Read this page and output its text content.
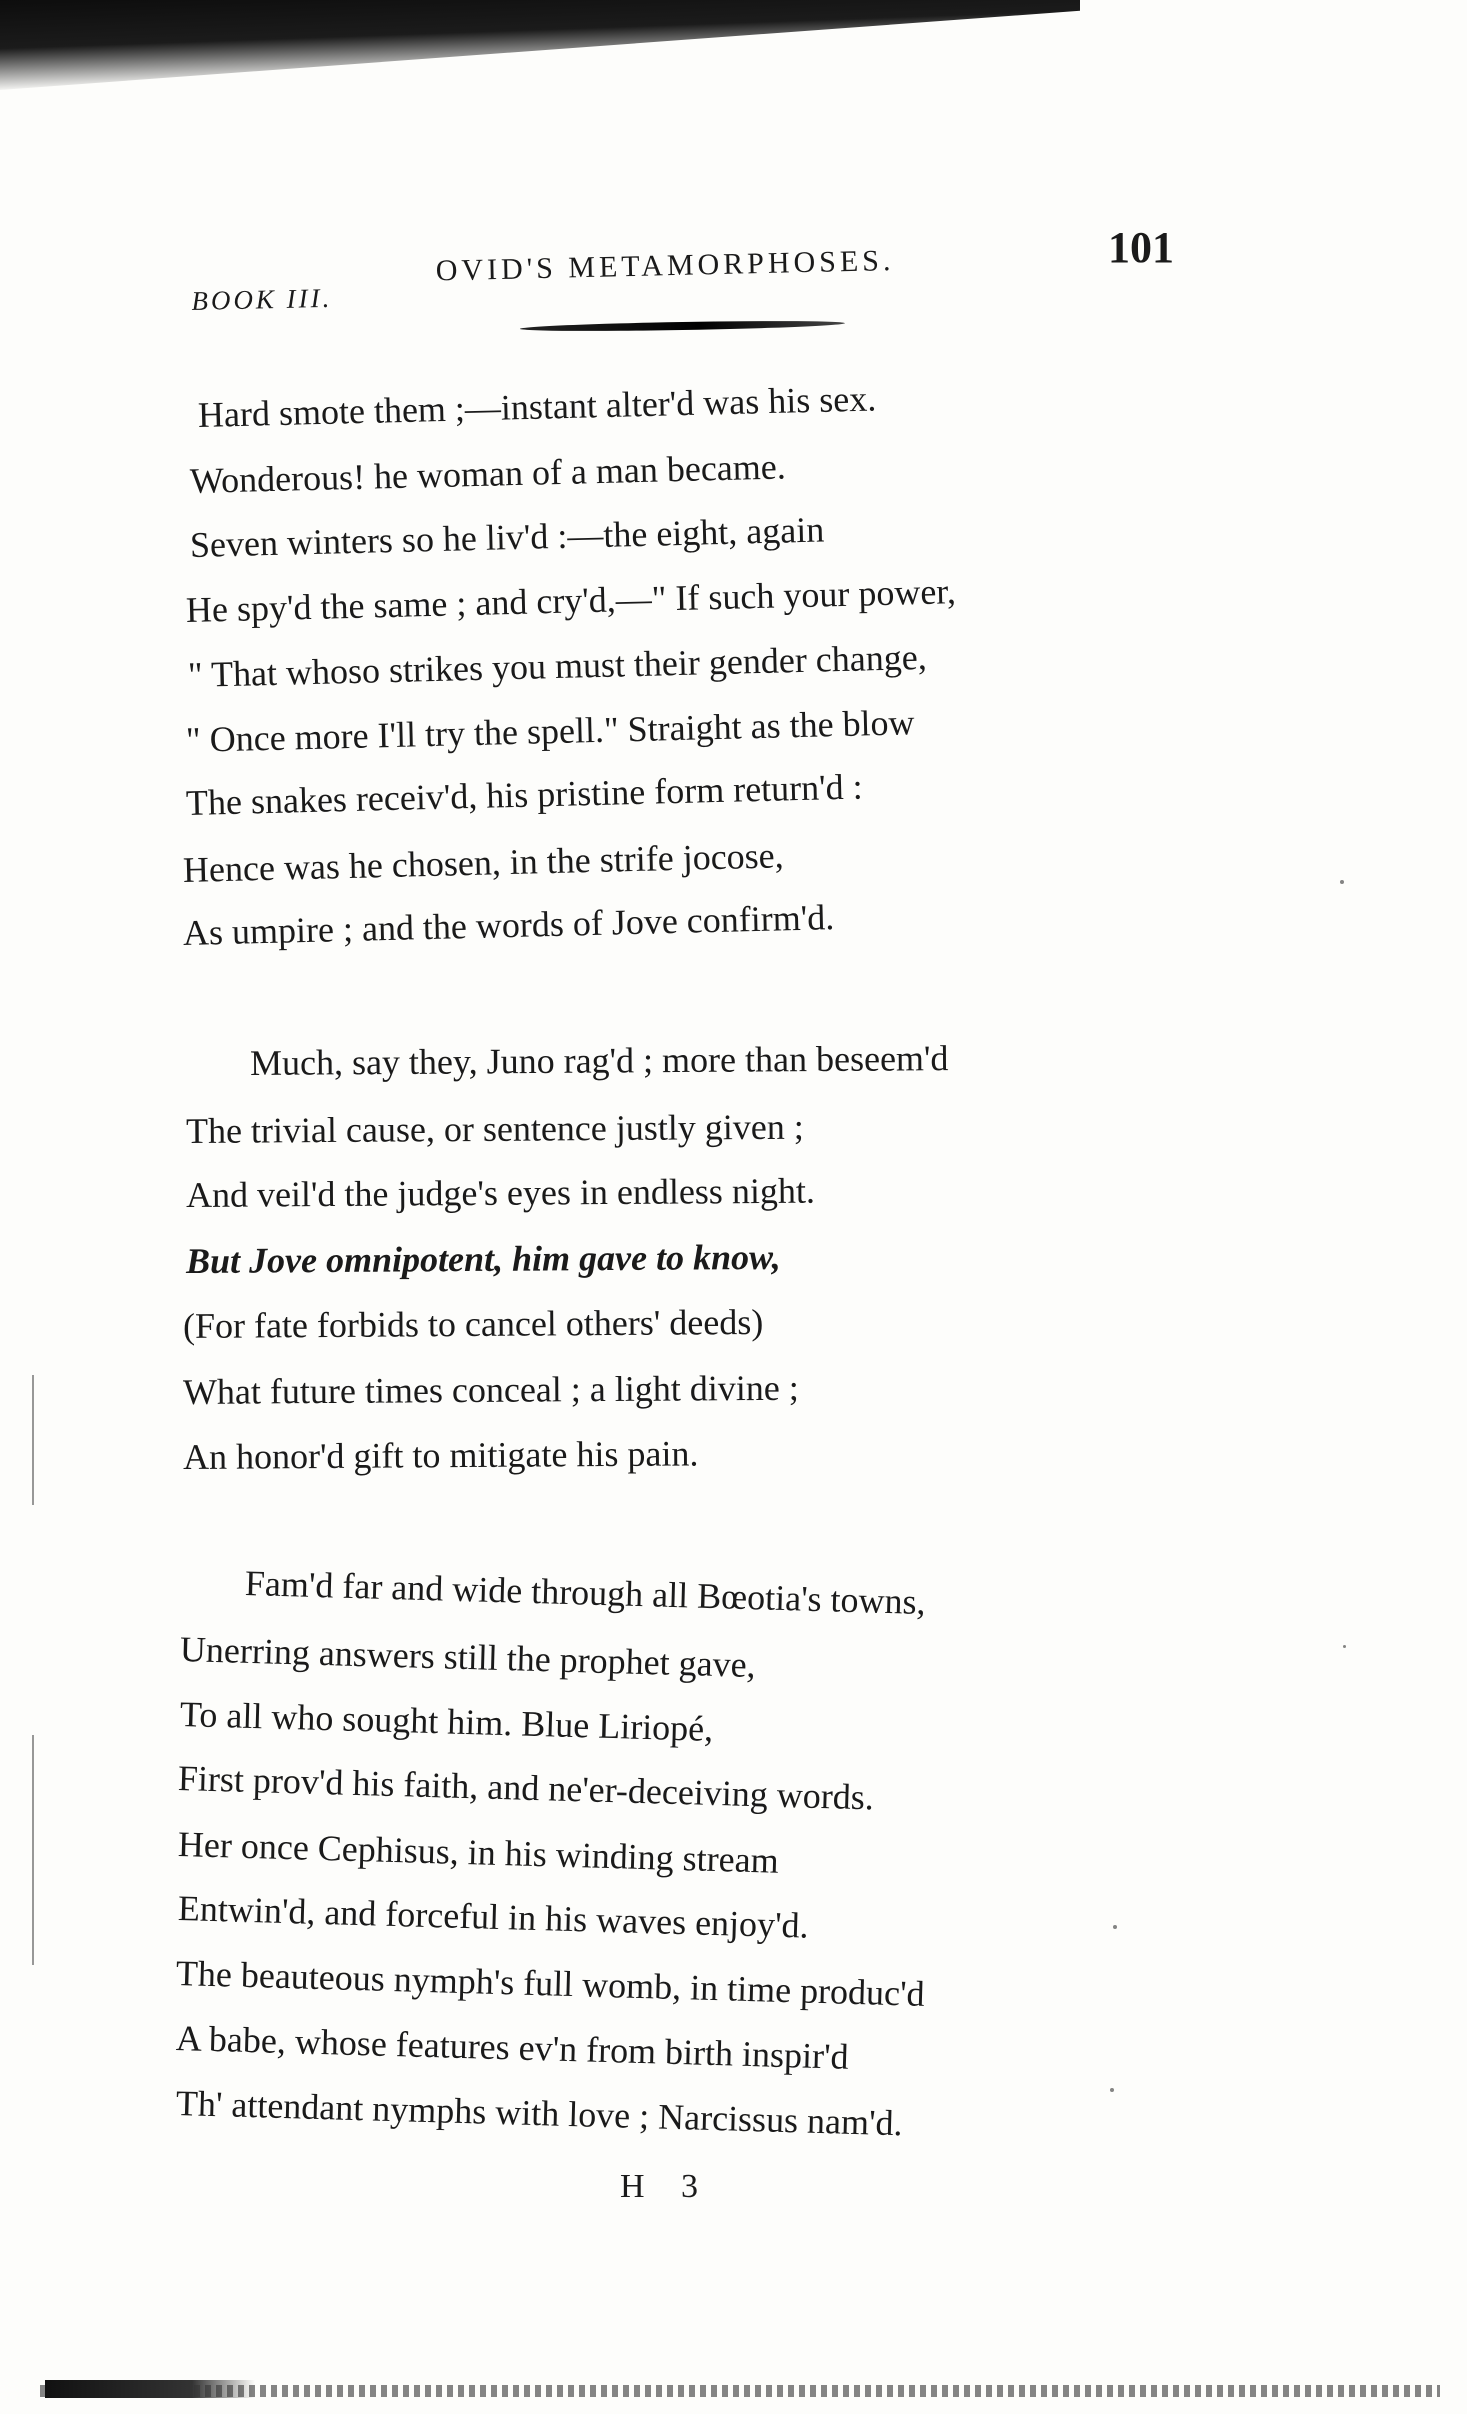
BOOK III.
OVID'S METAMORPHOSES.	101
Hard smote them ;—instant alter'd was his sex.
Wonderous! he woman of a man became.
Seven winters so he liv'd :—the eight, again
He spy'd the same ; and cry'd,—" If such your power,
" That whoso strikes you must their gender change,
" Once more I'll try the spell." Straight as the blow
The snakes receiv'd, his pristine form return'd :
Hence was he chosen, in the strife jocose,
As umpire ; and the words of Jove confirm'd.
Much, say they, Juno rag'd ; more than beseem'd
The trivial cause, or sentence justly given ;
And veil'd the judge's eyes in endless night.
But Jove omnipotent, him gave to know,
(For fate forbids to cancel others' deeds)
What future times conceal ; a light divine ;
An honor'd gift to mitigate his pain.
Fam'd far and wide through all Bœotia's towns,
Unerring answers still the prophet gave,
To all who sought him. Blue Liriopé,
First prov'd his faith, and ne'er-deceiving words.
Her once Cephisus, in his winding stream
Entwin'd, and forceful in his waves enjoy'd.
The beauteous nymph's full womb, in time produc'd
A babe, whose features ev'n from birth inspir'd
Th' attendant nymphs with love ; Narcissus nam'd.
H 3
